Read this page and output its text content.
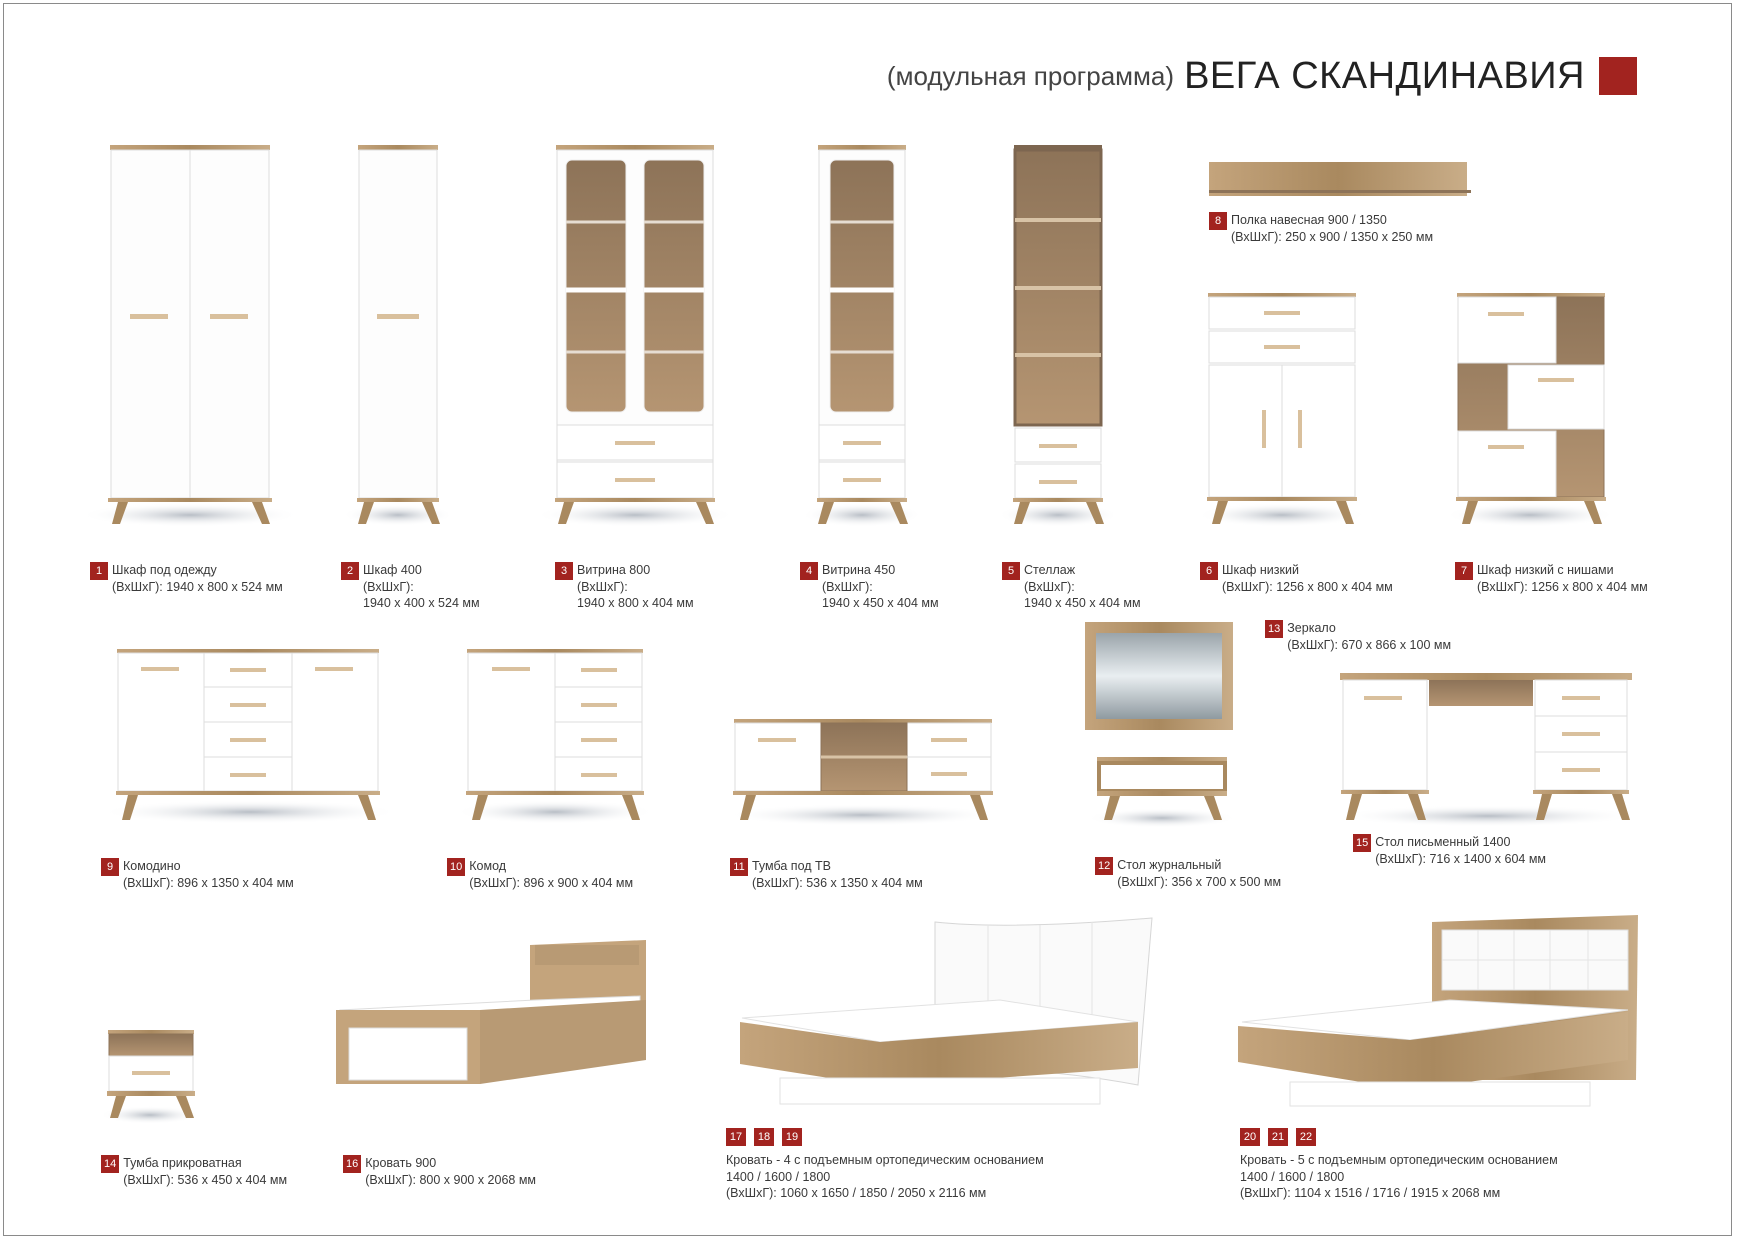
(модульная программа) ВЕГА СКАНДИНАВИЯ
1 Шкаф под одежду
(ВхШхГ): 1940 х 800 х 524 мм
2 Шкаф 400
(ВхШхГ):
1940 х 400 х 524 мм
3 Витрина 800
(ВхШхГ):
1940 х 800 х 404 мм
4 Витрина 450
(ВхШхГ):
1940 х 450 х 404 мм
5 Стеллаж
(ВхШхГ):
1940 х 450 х 404 мм
6 Шкаф низкий
(ВхШхГ): 1256 х 800 х 404 мм
7 Шкаф низкий с нишами
(ВхШхГ): 1256 х 800 х 404 мм
8 Полка навесная 900 / 1350
(ВхШхГ): 250 х 900 / 1350 х 250 мм
9 Комодино
(ВхШхГ): 896 х 1350 х 404 мм
10 Комод
(ВхШхГ): 896 х 900 х 404 мм
11 Тумба под ТВ
(ВхШхГ): 536 х 1350 х 404 мм
12 Стол журнальный
(ВхШхГ): 356 х 700 х 500 мм
13 Зеркало
(ВхШхГ): 670 х 866 х 100 мм
14 Тумба прикроватная
(ВхШхГ): 536 х 450 х 404 мм
15 Стол письменный 1400
(ВхШхГ): 716 х 1400 х 604 мм
16 Кровать 900
(ВхШхГ): 800 х 900 х 2068 мм
17	18	19
Кровать - 4 с подъемным ортопедическим основанием
1400 / 1600 / 1800
(ВхШхГ): 1060 х 1650 / 1850 / 2050 х 2116 мм
20	21	22
Кровать - 5 с подъемным ортопедическим основанием
1400 / 1600 / 1800
(ВхШхГ): 1104 х 1516 / 1716 / 1915 х 2068 мм
